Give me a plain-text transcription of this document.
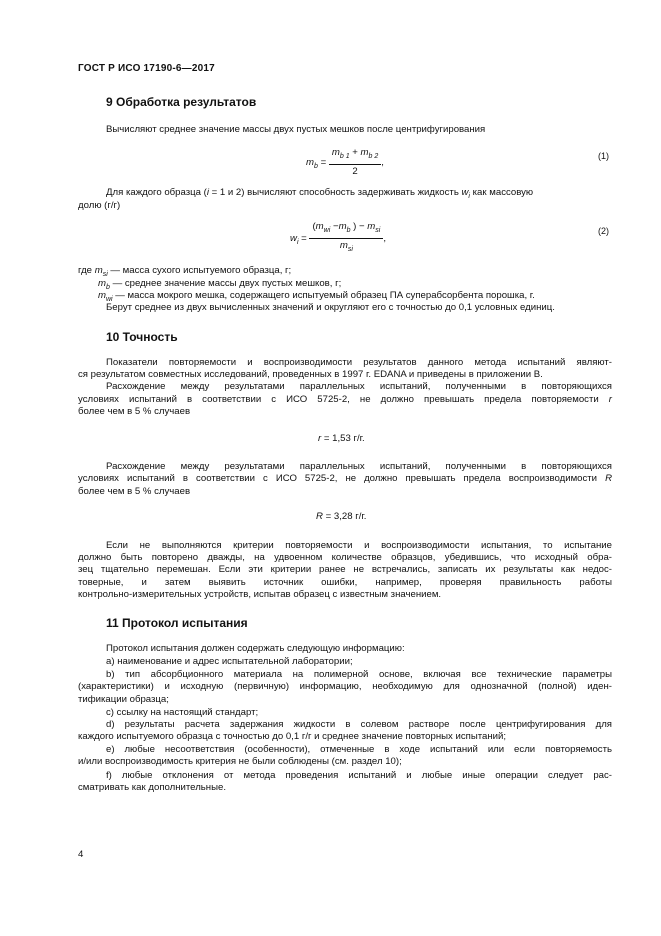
ГОСТ Р ИСО 17190-6—2017
9 Обработка результатов
Вычисляют среднее значение массы двух пустых мешков после центрифугирования
$m_b = \frac{m_{b 1} + m_{b 2}}{2}$ ,
(1)
Для каждого образца (i = 1 и 2) вычисляют способность задерживать жидкость $w_i$ как массовую
долю (г/г)
$w_i = \frac{(m_{wi} -m_b ) - m_{si}}{m_{si}}$ ,
(2)
где $m_{si}$ — масса сухого испытуемого образца, г;
$m_b$ — среднее значение массы двух пустых мешков, г;
$m_{wi}$ — масса мокрого мешка, содержащего испытуемый образец ПА суперабсорбента порошка, г.
Берут среднее из двух вычисленных значений и округляют его с точностью до 0,1 условных единиц.
10 Точность
Показатели повторяемости и воспроизводимости результатов данного метода испытаний являют-
ся результатом совместных исследований, проведенных в 1997 г. EDANA и приведены в приложении В.
Расхождение между результатами параллельных испытаний, полученными в повторяющихся
условиях испытаний в соответствии с ИСО 5725-2, не должно превышать предела повторяемости r
более чем в 5 % случаев
r = 1,53 г/г.
Расхождение между результатами параллельных испытаний, полученными в повторяющихся
условиях испытаний в соответствии с ИСО 5725-2, не должно превышать предела воспроизводимости R
более чем в 5 % случаев
R = 3,28 г/г.
Если не выполняются критерии повторяемости и воспроизводимости испытания, то испытание
должно быть повторено дважды, на удвоенном количестве образцов, убедившись, что исходный обра-
зец тщательно перемешан. Если эти критерии ранее не встречались, записать их результаты как недос-
товерные, и затем выявить источник ошибки, например, проверяя правильность работы
контрольно-измерительных устройств, испытав образец с известным значением.
11 Протокол испытания
Протокол испытания должен содержать следующую информацию:
а) наименование и адрес испытательной лаборатории;
b) тип абсорбционного материала на полимерной основе, включая все технические параметры
(характеристики) и исходную (первичную) информацию, необходимую для однозначной (полной) иден-
тификации образца;
с) ссылку на настоящий стандарт;
d) результаты расчета задержания жидкости в солевом растворе после центрифугирования для
каждого испытуемого образца с точностью до 0,1 г/г и среднее значение повторных испытаний;
е) любые несоответствия (особенности), отмеченные в ходе испытаний или если повторяемость
и/или воспроизводимость критерия не были соблюдены (см. раздел 10);
f) любые отклонения от метода проведения испытаний и любые иные операции следует рас-
сматривать как дополнительные.
4
